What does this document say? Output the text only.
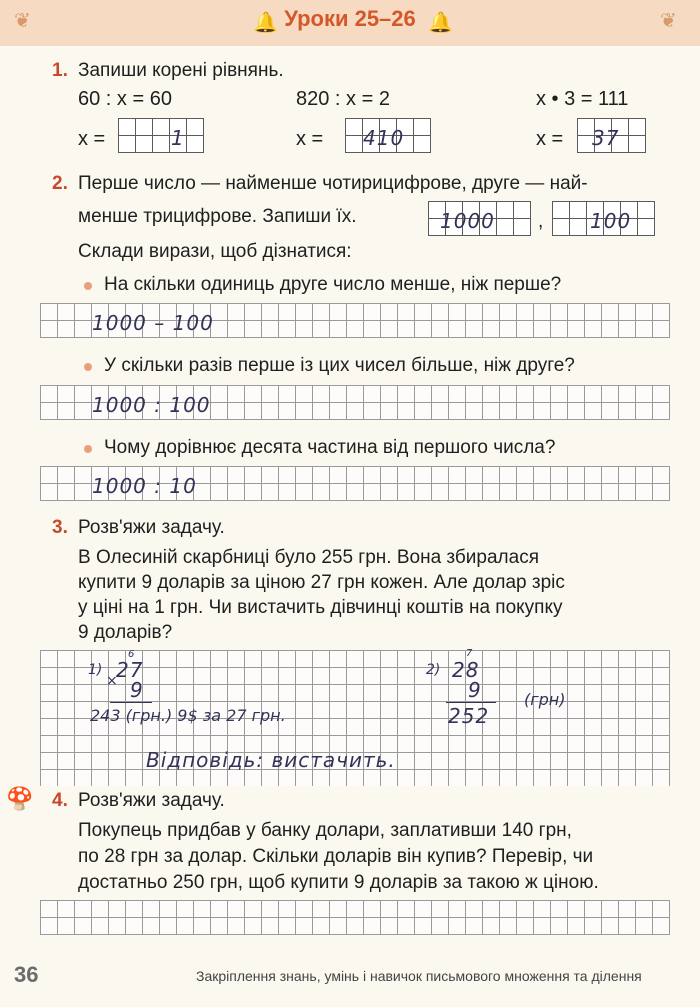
❦	❦
🔔	🔔
Уроки 25–26
1. Запиши корені рівнянь.
60 : x = 60	820 : x = 2	x • 3 = 111
x =	1	x = 410	x = 37
2. Перше число — найменше чотирицифрове, друге — най-
менше трицифрове. Запиши їх.	1000 , 100
Склади вирази, щоб дізнатися:
На скільки одиниць друге число менше, ніж перше?
1000 – 100
У скільки разів перше із цих чисел більше, ніж друге?
1000 : 100
Чому дорівнює десята частина від першого числа?
1000 : 10
3. Розв'яжи задачу.
В Олесиній скарбниці було 255 грн. Вона збиралася
купити 9 доларів за ціною 27 грн кожен. Але долар зріс
у ціні на 1 грн. Чи вистачить дівчинці коштів на покупку
9 доларів?
1)
×
6
27
9
243 (грн.) 9$ за 27 грн.
2)
7
28
9
252
(грн)
Відповідь: вистачить.
🍄 4. Розв'яжи задачу.
Покупець придбав у банку долари, заплативши 140 грн,
по 28 грн за долар. Скільки доларів він купив? Перевір, чи
достатньо 250 грн, щоб купити 9 доларів за такою ж ціною.
36	Закріплення знань, умінь і навичок письмового множення та ділення
